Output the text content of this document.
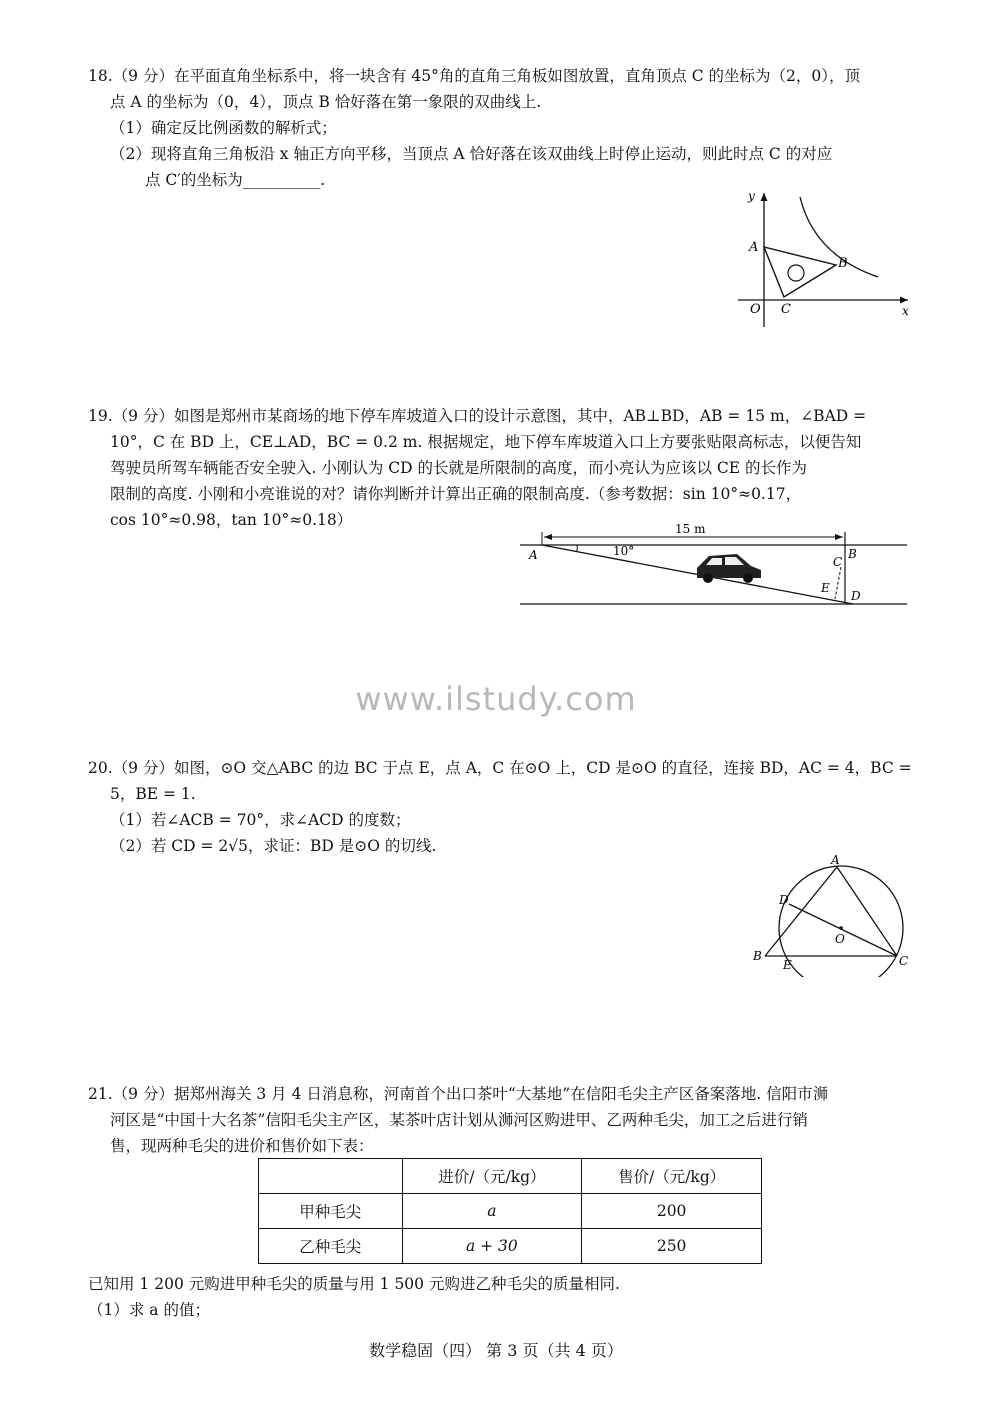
18.（9 分）在平面直角坐标系中，将一块含有 45°角的直角三角板如图放置，直角顶点 C 的坐标为（2，0），顶
点 A 的坐标为（0，4），顶点 B 恰好落在第一象限的双曲线上.
（1）确定反比例函数的解析式；
（2）现将直角三角板沿 x 轴正方向平移，当顶点 A 恰好落在该双曲线上时停止运动，则此时点 C 的对应
点 C′的坐标为__________.
y
x
A
B
O C
19.（9 分）如图是郑州市某商场的地下停车库坡道入口的设计示意图，其中，AB⊥BD，AB = 15 m，∠BAD =
10°，C 在 BD 上，CE⊥AD，BC = 0.2 m. 根据规定，地下停车库坡道入口上方要张贴限高标志，以便告知
驾驶员所驾车辆能否安全驶入. 小刚认为 CD 的长就是所限制的高度，而小亮认为应该以 CE 的长作为
限制的高度. 小刚和小亮谁说的对？请你判断并计算出正确的限制高度.（参考数据：sin 10°≈0.17，
cos 10°≈0.98，tan 10°≈0.18）
A	B
C
E
D
15 m
10°
www.ilstudy.com
20.（9 分）如图，⊙O 交△ABC 的边 BC 于点 E，点 A，C 在⊙O 上，CD 是⊙O 的直径，连接 BD，AC = 4，BC =
5，BE = 1.
（1）若∠ACB = 70°，求∠ACD 的度数；
（2）若 CD = 2√5，求证：BD 是⊙O 的切线.
A
D
O
B
E	C
21.（9 分）据郑州海关 3 月 4 日消息称，河南首个出口茶叶“大基地”在信阳毛尖主产区备案落地. 信阳市浉
河区是“中国十大名茶”信阳毛尖主产区，某茶叶店计划从浉河区购进甲、乙两种毛尖，加工之后进行销
售，现两种毛尖的进价和售价如下表：
	进价/（元/kg）	售价/（元/kg）
甲种毛尖	a	200
乙种毛尖	a + 30	250
已知用 1 200 元购进甲种毛尖的质量与用 1 500 元购进乙种毛尖的质量相同.
（1）求 a 的值；
数学稳固（四） 第 3 页（共 4 页）
